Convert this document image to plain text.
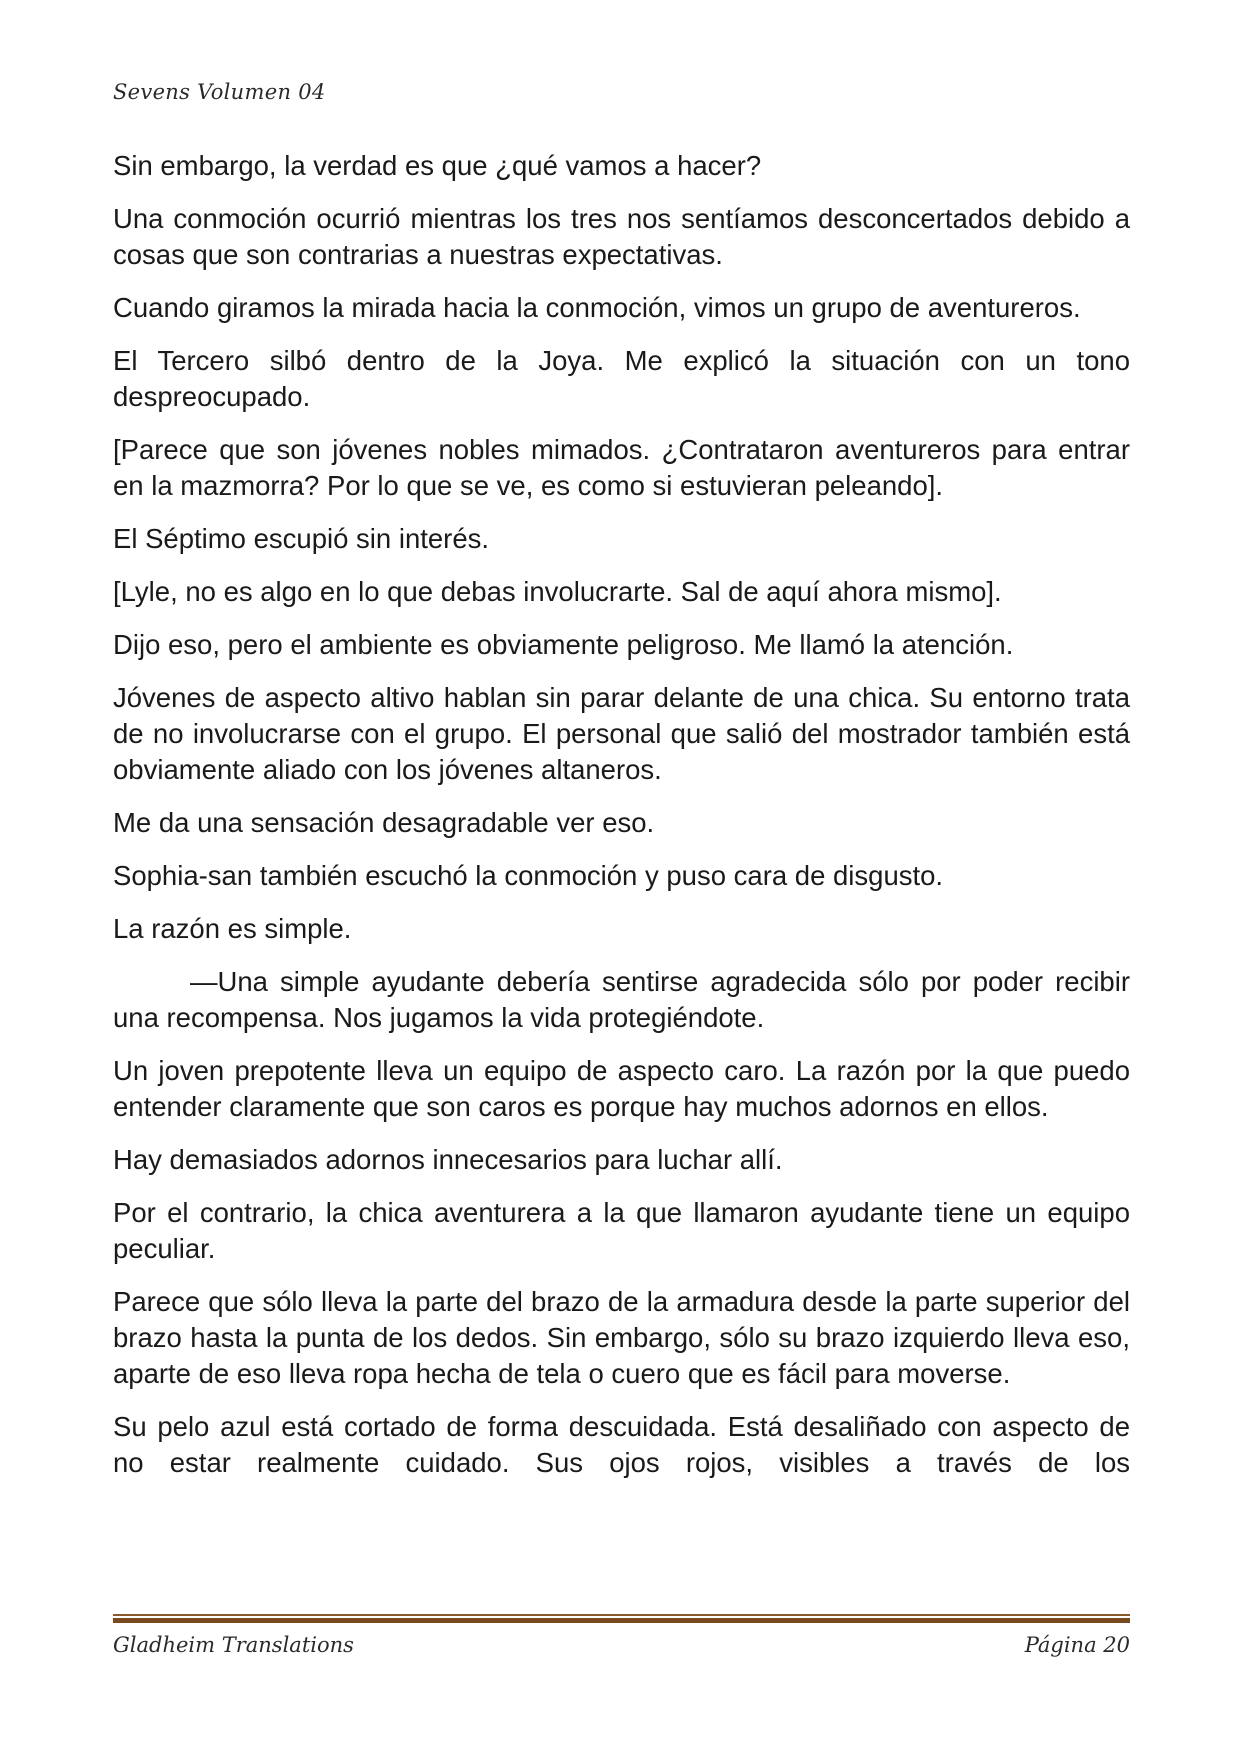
Sevens Volumen 04

Sin embargo, la verdad es que ¿qué vamos a hacer?

Una conmoción ocurrió mientras los tres nos sentíamos desconcertados debido a cosas que son contrarias a nuestras expectativas.

Cuando giramos la mirada hacia la conmoción, vimos un grupo de aventureros.

El Tercero silbó dentro de la Joya. Me explicó la situación con un tono despreocupado.

[Parece que son jóvenes nobles mimados. ¿Contrataron aventureros para entrar en la mazmorra? Por lo que se ve, es como si estuvieran peleando].

El Séptimo escupió sin interés.

[Lyle, no es algo en lo que debas involucrarte. Sal de aquí ahora mismo].

Dijo eso, pero el ambiente es obviamente peligroso. Me llamó la atención.

Jóvenes de aspecto altivo hablan sin parar delante de una chica. Su entorno trata de no involucrarse con el grupo. El personal que salió del mostrador también está obviamente aliado con los jóvenes altaneros.

Me da una sensación desagradable ver eso.

Sophia-san también escuchó la conmoción y puso cara de disgusto.

La razón es simple.

—Una simple ayudante debería sentirse agradecida sólo por poder recibir una recompensa. Nos jugamos la vida protegiéndote.

Un joven prepotente lleva un equipo de aspecto caro. La razón por la que puedo entender claramente que son caros es porque hay muchos adornos en ellos.

Hay demasiados adornos innecesarios para luchar allí.

Por el contrario, la chica aventurera a la que llamaron ayudante tiene un equipo peculiar.

Parece que sólo lleva la parte del brazo de la armadura desde la parte superior del brazo hasta la punta de los dedos. Sin embargo, sólo su brazo izquierdo lleva eso, aparte de eso lleva ropa hecha de tela o cuero que es fácil para moverse.

Su pelo azul está cortado de forma descuidada. Está desaliñado con aspecto de no estar realmente cuidado. Sus ojos rojos, visibles a través de los

Gladheim Translations	Página 20
